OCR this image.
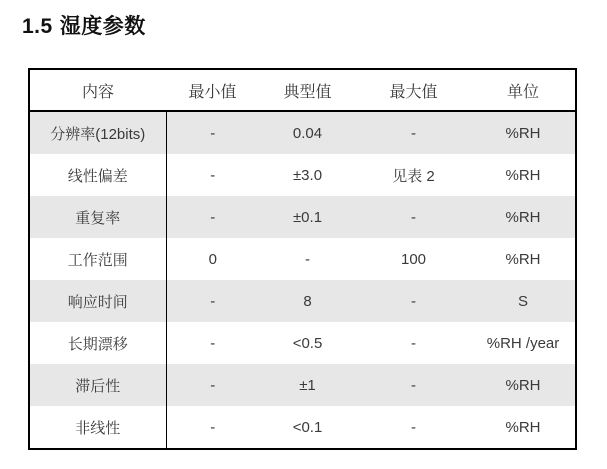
1.5 湿度参数
内容	最小值	典型值	最大值	单位
分辨率(12bits)	-	0.04	-	%RH
线性偏差	-	±3.0	见表 2	%RH
重复率	-	±0.1	-	%RH
工作范围	0	-	100	%RH
响应时间	-	8	-	S
长期漂移	-	<0.5	-	%RH /year
滞后性	-	±1	-	%RH
非线性	-	<0.1	-	%RH
